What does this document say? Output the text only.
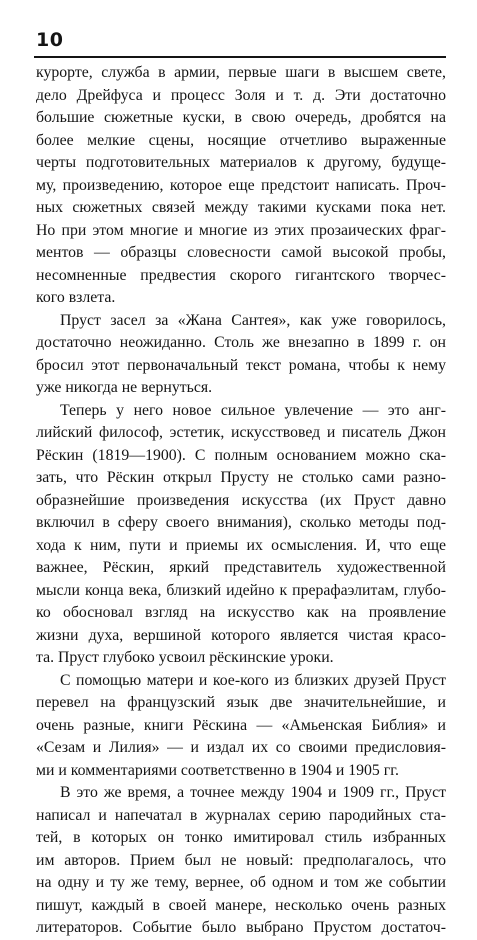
10
курорте, служба в армии, первые шаги в высшем свете,
дело Дрейфуса и процесс Золя и т. д. Эти достаточно
большие сюжетные куски, в свою очередь, дробятся на
более мелкие сцены, носящие отчетливо выраженные
черты подготовительных материалов к другому, будуще-
му, произведению, которое еще предстоит написать. Проч-
ных сюжетных связей между такими кусками пока нет.
Но при этом многие и многие из этих прозаических фраг-
ментов — образцы словесности самой высокой пробы,
несомненные предвестия скорого гигантского творчес-
кого взлета.
Пруст засел за «Жана Сантея», как уже говорилось,
достаточно неожиданно. Столь же внезапно в 1899 г. он
бросил этот первоначальный текст романа, чтобы к нему
уже никогда не вернуться.
Теперь у него новое сильное увлечение — это анг-
лийский философ, эстетик, искусствовед и писатель Джон
Рёскин (1819—1900). С полным основанием можно ска-
зать, что Рёскин открыл Прусту не столько сами разно-
образнейшие произведения искусства (их Пруст давно
включил в сферу своего внимания), сколько методы под-
хода к ним, пути и приемы их осмысления. И, что еще
важнее, Рёскин, яркий представитель художественной
мысли конца века, близкий идейно к прерафаэлитам, глубо-
ко обосновал взгляд на искусство как на проявление
жизни духа, вершиной которого является чистая красо-
та. Пруст глубоко усвоил рёскинские уроки.
С помощью матери и кое-кого из близких друзей Пруст
перевел на французский язык две значительнейшие, и
очень разные, книги Рёскина — «Амьенская Библия» и
«Сезам и Лилия» — и издал их со своими предисловия-
ми и комментариями соответственно в 1904 и 1905 гг.
В это же время, а точнее между 1904 и 1909 гг., Пруст
написал и напечатал в журналах серию пародийных ста-
тей, в которых он тонко имитировал стиль избранных
им авторов. Прием был не новый: предполагалось, что
на одну и ту же тему, вернее, об одном и том же событии
пишут, каждый в своей манере, несколько очень разных
литераторов. Событие было выбрано Прустом достаточ-
